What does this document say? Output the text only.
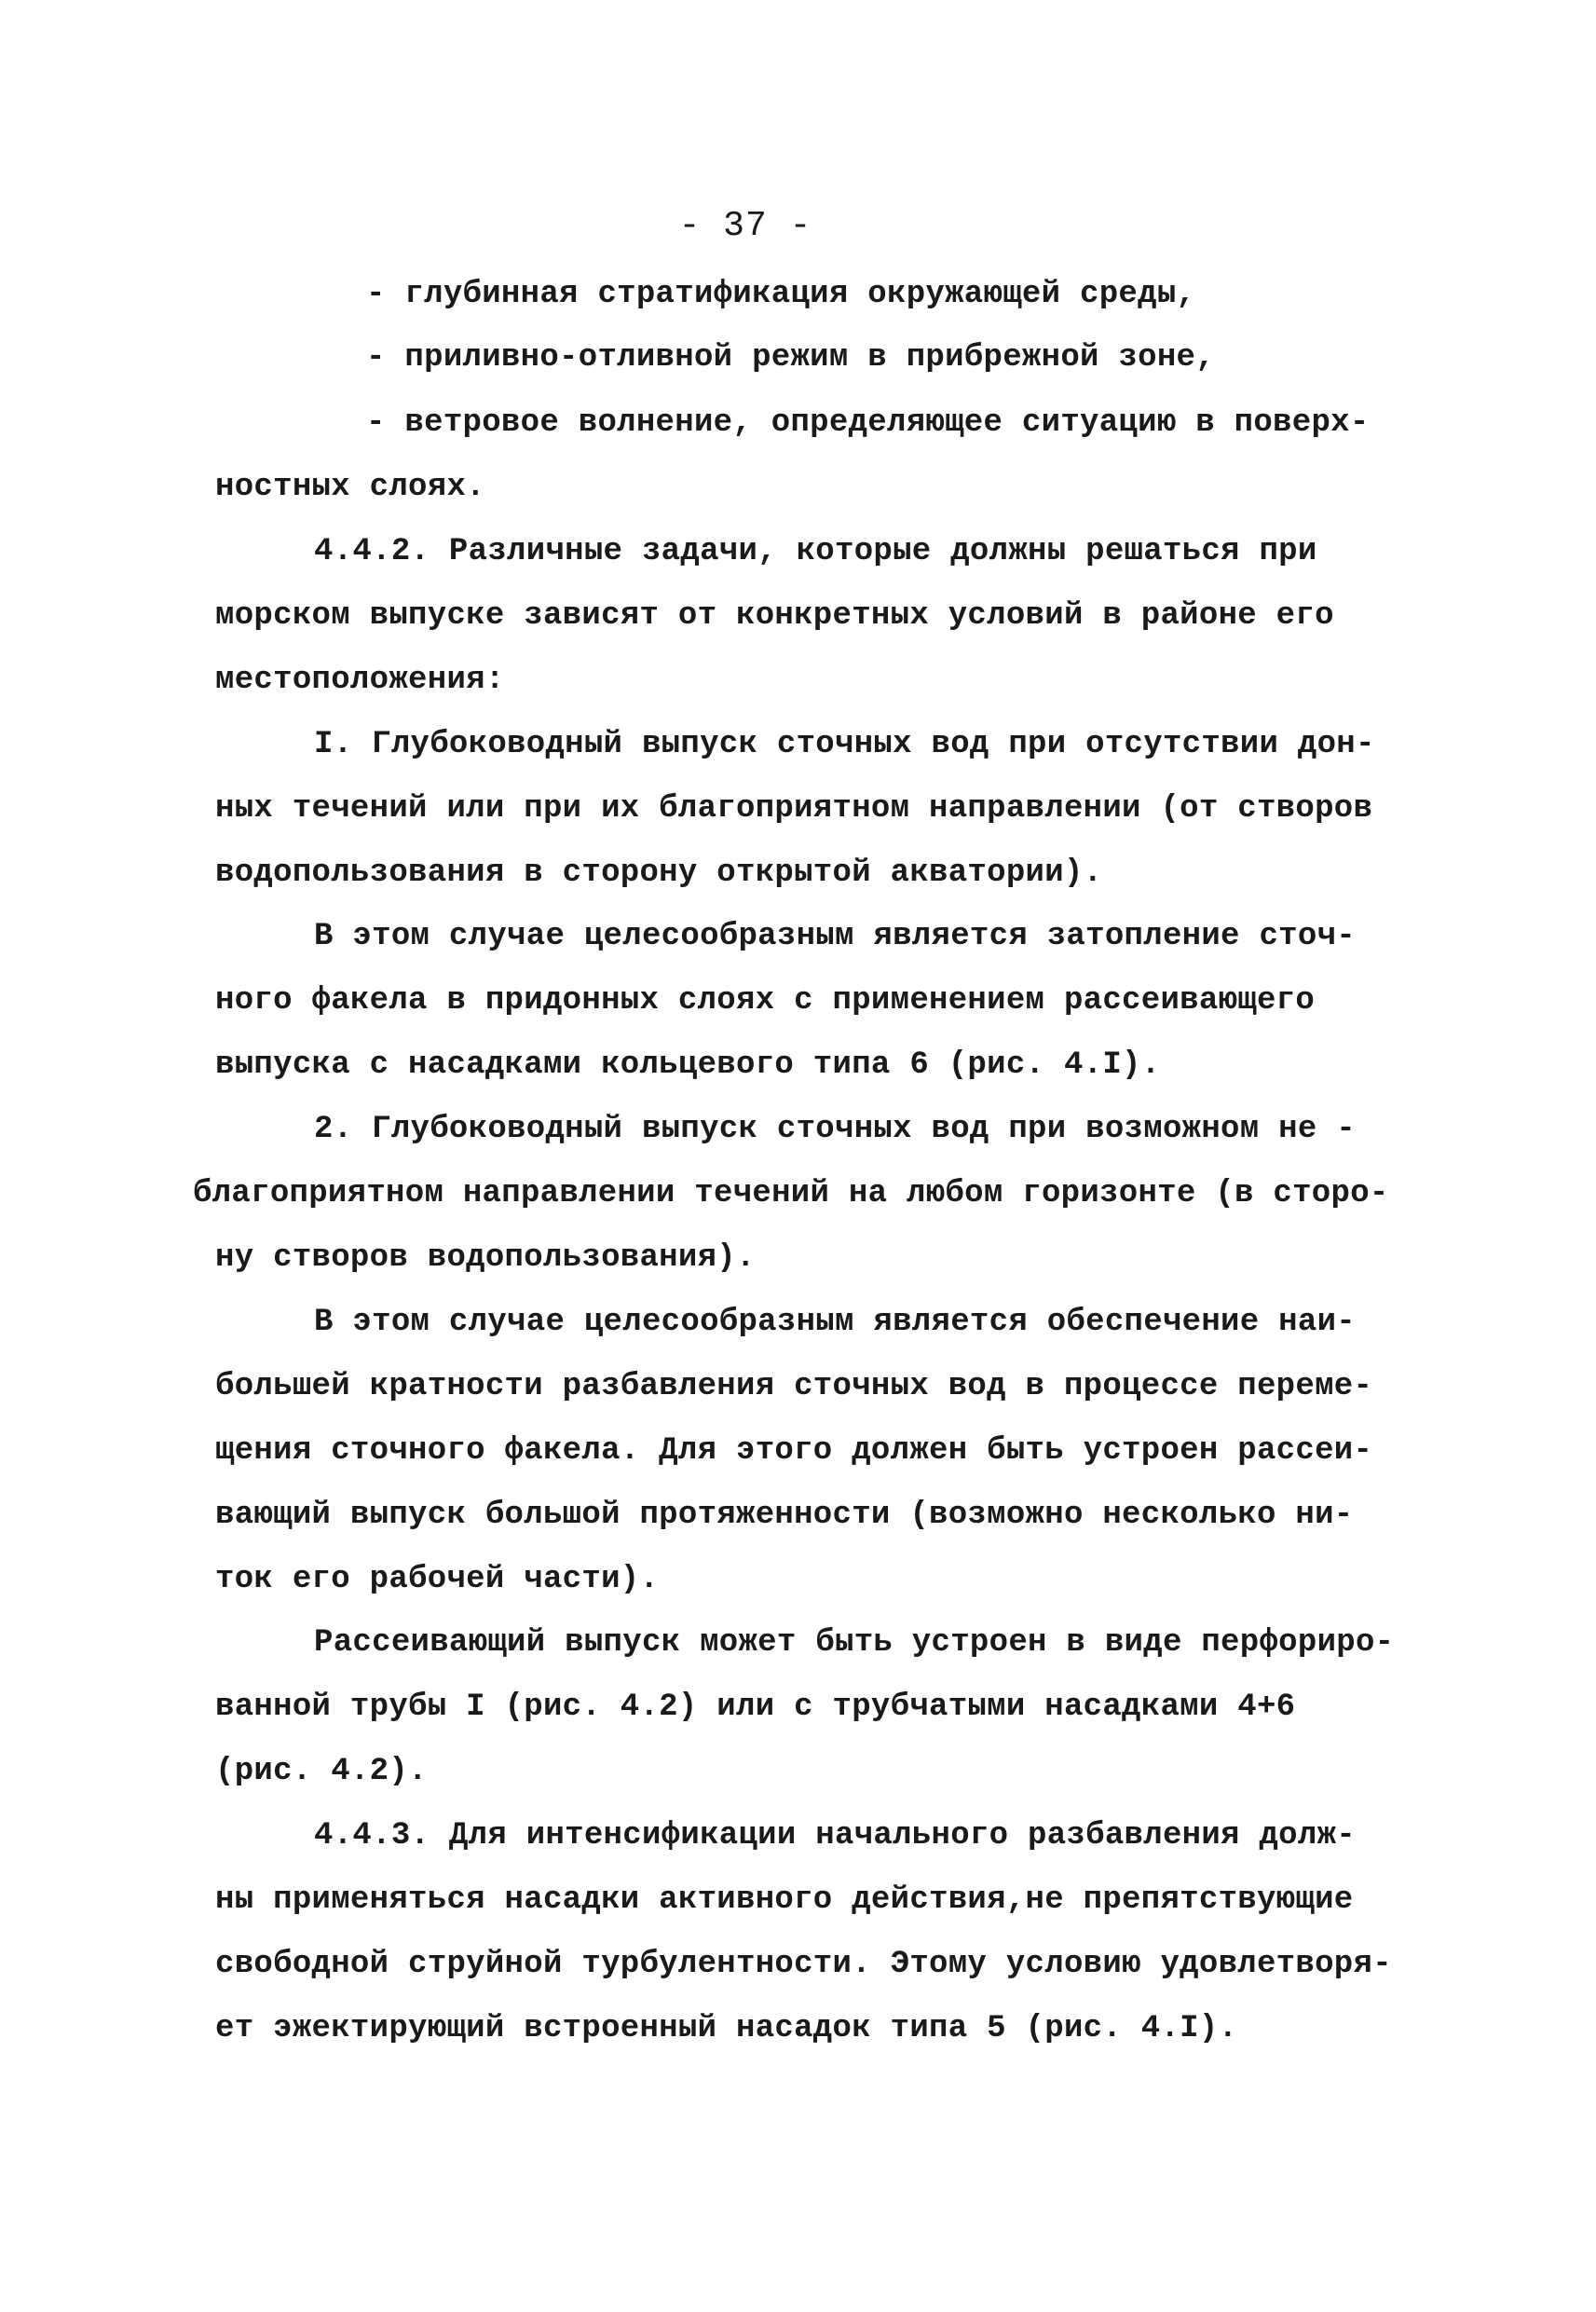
- 37 -
- глубинная стратификация окружающей среды,
- приливно-отливной режим в прибрежной зоне,
- ветровое волнение, определяющее ситуацию в поверх-
ностных слоях.
4.4.2. Различные задачи, которые должны решаться при
морском выпуске зависят от конкретных условий в районе его
местоположения:
I. Глубоководный выпуск сточных вод при отсутствии дон-
ных течений или при их благоприятном направлении (от створов
водопользования в сторону открытой акватории).
В этом случае целесообразным является затопление сточ-
ного факела в придонных слоях с применением рассеивающего
выпуска с насадками кольцевого типа 6 (рис. 4.I).
2. Глубоководный выпуск сточных вод при возможном не -
благоприятном направлении течений на любом горизонте (в сторо-
ну створов водопользования).
В этом случае целесообразным является обеспечение наи-
большей кратности разбавления сточных вод в процессе переме-
щения сточного факела. Для этого должен быть устроен рассеи-
вающий выпуск большой протяженности (возможно несколько ни-
ток его рабочей части).
Рассеивающий выпуск может быть устроен в виде перфориро-
ванной трубы I (рис. 4.2) или с трубчатыми насадками 4+6
(рис. 4.2).
4.4.3. Для интенсификации начального разбавления долж-
ны применяться насадки активного действия,не препятствующие
свободной струйной турбулентности. Этому условию удовлетворя-
ет эжектирующий встроенный насадок типа 5 (рис. 4.I).
